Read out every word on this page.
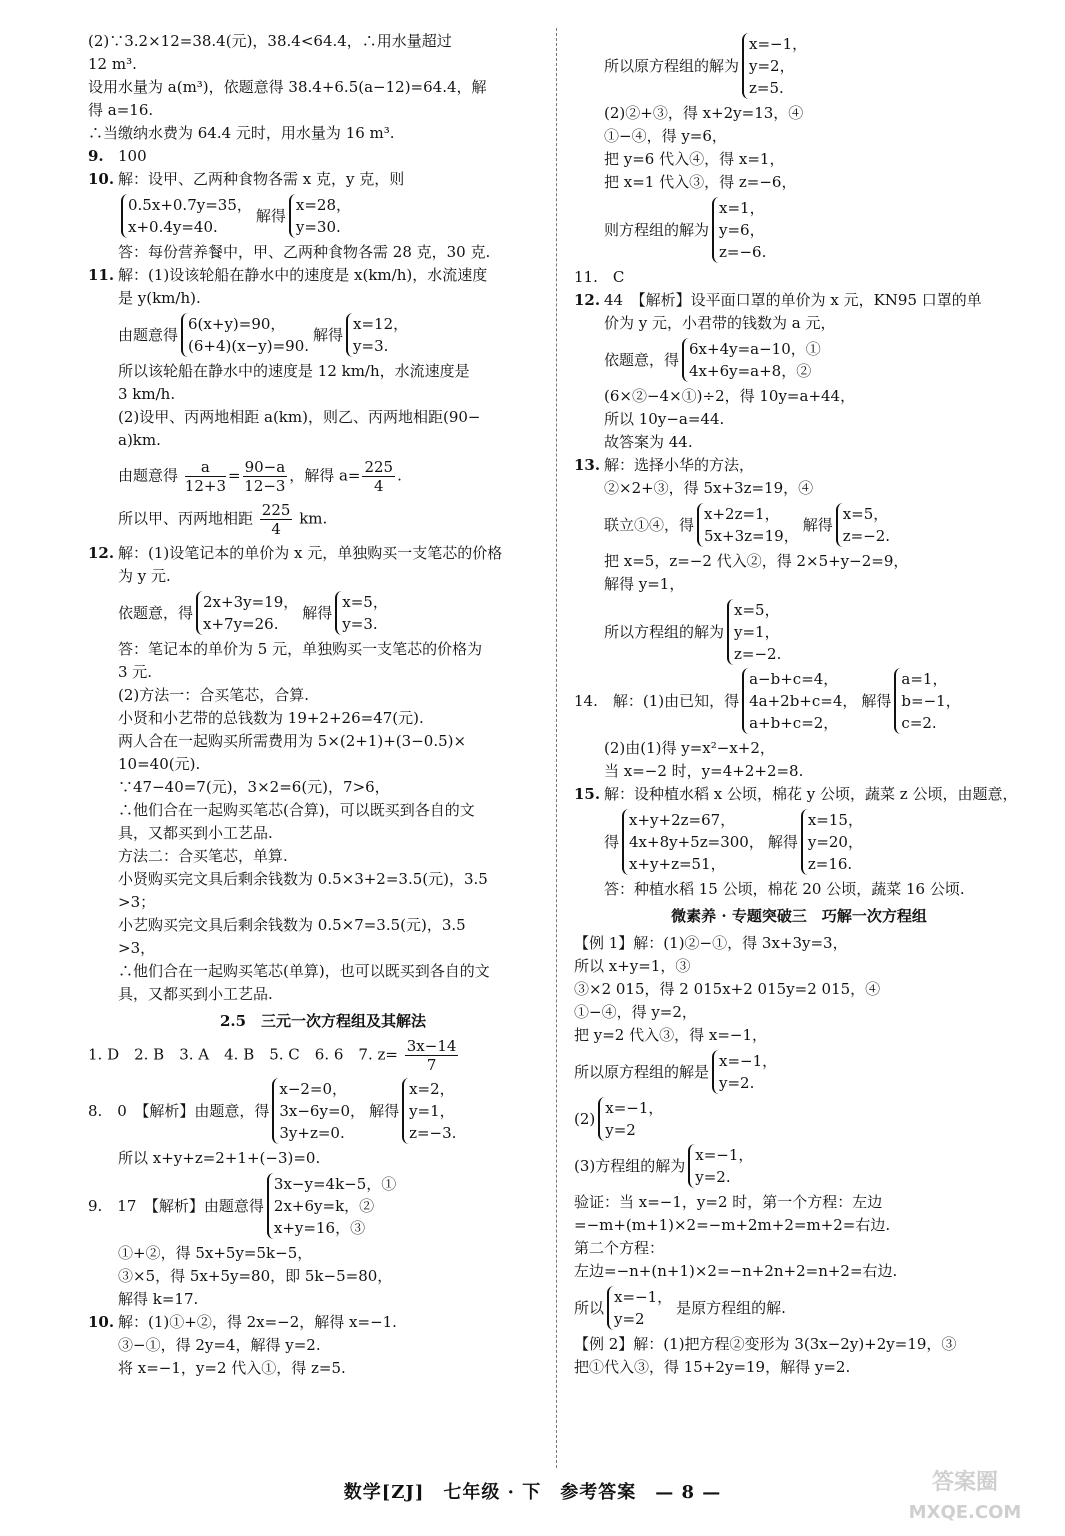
(2)∵3.2×12=38.4(元)，38.4<64.4，∴用水量超过
12 m³.
设用水量为 a(m³)，依题意得 38.4+6.5(a−12)=64.4，解
得 a=16.
∴当缴纳水费为 64.4 元时，用水量为 16 m³.
9. 100
10. 解：设甲、乙两种食物各需 x 克，y 克，则
0.5x+0.7y=35，
x+0.4y=40.
解得
x=28，
y=30.
答：每份营养餐中，甲、乙两种食物各需 28 克，30 克.
11. 解：(1)设该轮船在静水中的速度是 x(km/h)，水流速度
是 y(km/h).
由题意得
6(x+y)=90，
(6+4)(x−y)=90.
解得
x=12，
y=3.
所以该轮船在静水中的速度是 12 km/h，水流速度是
3 km/h.
(2)设甲、丙两地相距 a(km)，则乙、丙两地相距(90−
a)km.
由题意得 $\frac{a}{12+3} = \frac{90-a}{12-3}$ ，解得 $a= \frac{225}{4}$ .
所以甲、丙两地相距 $\frac{225}{4}$ km.
12. 解：(1)设笔记本的单价为 x 元，单独购买一支笔芯的价格
为 y 元.
依题意，得
2x+3y=19，
x+7y=26.
解得
x=5，
y=3.
答：笔记本的单价为 5 元，单独购买一支笔芯的价格为
3 元.
(2)方法一：合买笔芯，合算.
小贤和小艺带的总钱数为 19+2+26=47(元).
两人合在一起购买所需费用为 5×(2+1)+(3−0.5)×
10=40(元).
∵47−40=7(元)，3×2=6(元)，7>6，
∴他们合在一起购买笔芯(合算)，可以既买到各自的文
具，又都买到小工艺品.
方法二：合买笔芯，单算.
小贤购买完文具后剩余钱数为 0.5×3+2=3.5(元)，3.5
>3；
小艺购买完文具后剩余钱数为 0.5×7=3.5(元)，3.5
>3，
∴他们合在一起购买笔芯(单算)，也可以既买到各自的文
具，又都买到小工艺品.
2.5　三元一次方程组及其解法
1. D　2. B　3. A　4. B　5. C　6. 6　7. $z= \frac{3x-14}{7}$
8.　0　【解析】由题意，得
x−2=0，
3x−6y=0，
3y+z=0.
解得
x=2，
y=1，
z=−3.
所以 x+y+z=2+1+(−3)=0.
9.　17　【解析】由题意得
3x−y=4k−5，①
2x+6y=k，②
x+y=16，③
①+②，得 5x+5y=5k−5，
③×5，得 5x+5y=80，即 5k−5=80，
解得 k=17.
10. 解：(1)①+②，得 2x=−2，解得 x=−1.
③−①，得 2y=4，解得 y=2.
将 x=−1，y=2 代入①，得 z=5.
所以原方程组的解为
x=−1，
y=2，
z=5.
(2)②+③，得 x+2y=13，④
①−④，得 y=6，
把 y=6 代入④，得 x=1，
把 x=1 代入③，得 z=−6，
则方程组的解为
x=1，
y=6，
z=−6.
11.　C
12. 44　【解析】设平面口罩的单价为 x 元，KN95 口罩的单
价为 y 元，小君带的钱数为 a 元，
依题意，得
6x+4y=a−10，①
4x+6y=a+8，②
(6×②−4×①)÷2，得 10y=a+44，
所以 10y−a=44.
故答案为 44.
13. 解：选择小华的方法，
②×2+③，得 5x+3z=19，④
联立①④，得
x+2z=1，
5x+3z=19，
解得
x=5，
z=−2.
把 x=5，z=−2 代入②，得 2×5+y−2=9，
解得 y=1，
所以方程组的解为
x=5，
y=1，
z=−2.
14.　解：(1)由已知，得
a−b+c=4，
4a+2b+c=4，
a+b+c=2，
解得
a=1，
b=−1，
c=2.
(2)由(1)得 y=x²−x+2，
当 x=−2 时，y=4+2+2=8.
15. 解：设种植水稻 x 公顷，棉花 y 公顷，蔬菜 z 公顷，由题意，
得
x+y+2z=67，
4x+8y+5z=300，
x+y+z=51，
解得
x=15，
y=20，
z=16.
答：种植水稻 15 公顷，棉花 20 公顷，蔬菜 16 公顷.
微素养 · 专题突破三　巧解一次方程组
【例 1】解：(1)②−①，得 3x+3y=3，
所以 x+y=1，③
③×2 015，得 2 015x+2 015y=2 015，④
①−④，得 y=2，
把 y=2 代入③，得 x=−1，
所以原方程组的解是
x=−1，
y=2.
(2)
x=−1，
y=2
(3)方程组的解为
x=−1，
y=2.
验证：当 x=−1，y=2 时，第一个方程：左边
=−m+(m+1)×2=−m+2m+2=m+2=右边.
第二个方程：
左边=−n+(n+1)×2=−n+2n+2=n+2=右边.
所以
x=−1，
y=2
是原方程组的解.
【例 2】解：(1)把方程②变形为 3(3x−2y)+2y=19，③
把①代入③，得 15+2y=19，解得 y=2.
数学[ZJ]　七年级 · 下　参考答案　— 8 —	答案圈
MXQE.COM
